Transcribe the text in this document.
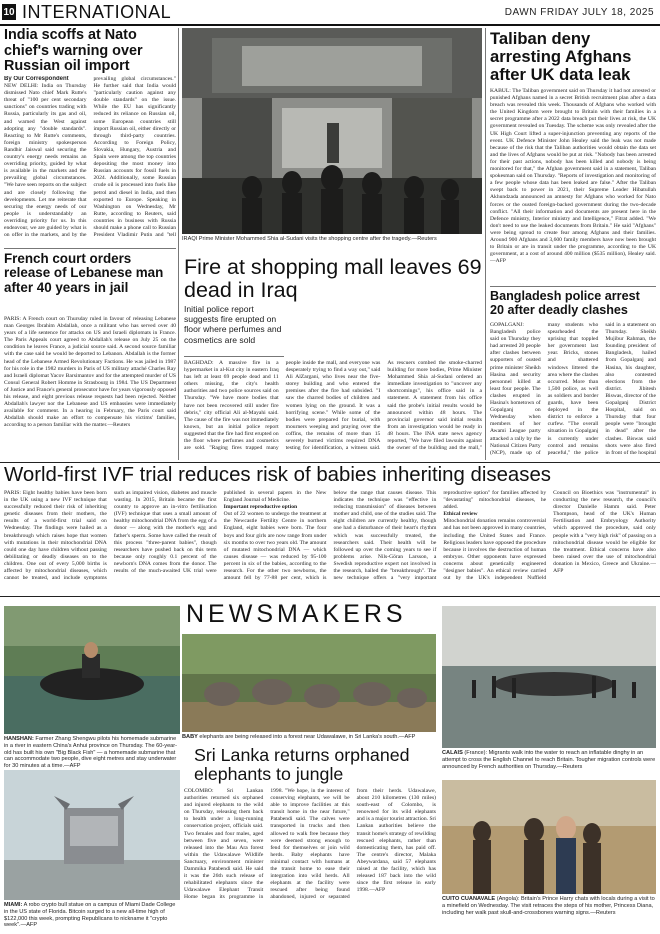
10 INTERNATIONAL	DAWN FRIDAY JULY 18, 2025
India scoffs at Nato chief's warning over Russian oil import
By Our Correspondent
NEW DELHI: India on Thursday dismissed Nato chief Mark Rutte's threat of "100 per cent secondary sanctions" on countries trading with Russia, particularly its gas and oil, and warned the West against adopting any "double standards". Reacting to Mr Rutte's comments, foreign ministry spokesperson Randhir Jaiswal said securing the country's energy needs remains an overriding priority, guided by what is available in the markets and the prevailing global circumstances. "We have seen reports on the subject and are closely following the developments. Let me reiterate that securing the energy needs of our people is understandably an overriding priority for us. In this endeavour, we are guided by what is on offer in the markets, and by the prevailing global circumstances." He further said that India would "particularly caution against any double standards" on the issue. While the EU has significantly reduced its reliance on Russian oil, some European countries still import Russian oil, either directly or through third-party countries. According to Foreign Policy, Slovakia, Hungary, Austria and Spain were among the top countries depositing the most money into Russian accounts for fossil fuels in 2024. Additionally, some Russian crude oil is processed into fuels like petrol and diesel in India, and then exported to Europe. Speaking in Washington on Wednesday, Mr Rutte, according to Reuters, said countries in business with Russia should make a phone call to Russian President Vladimir Putin and "tell
IRAQI Prime Minister Mohammed Shia al-Sudani visits the shopping centre after the tragedy.—Reuters
Taliban deny arresting Afghans after UK data leak
KABUL: The Taliban government said on Thursday it had not arrested or punished Afghans named in a secret British recruitment plan after a data breach was revealed this week. Thousands of Afghans who worked with the United Kingdom were brought to Britain with their families in a secret programme after a 2022 data breach put their lives at risk, the UK government revealed on Tuesday. The scheme was only revealed after the UK High Court lifted a super-injunction preventing any reports of the event. UK Defence Minister John Healey said the leak was not made because of the risk that the Taliban authorities would obtain the data set and the lives of Afghans would be put at risk. "Nobody has been arrested for their past actions, nobody has been killed and nobody is being monitored for that," the Afghan government said in a statement, Taliban spokesman said on Thursday. "Reports of investigation and monitoring of a few people whose data has been leaked are false." After the Taliban swept back to power in 2021, their Supreme Leader Hibatullah Akhundzada announced an amnesty for Afghans who worked for Nato forces or the ousted foreign-backed government during the two-decade conflict. "All their information and documents are present here in the Defence ministry, Interior ministry and Intelligence," Fitrat added. "We don't need to use the leaked documents from Britain." He said "Afghans" were being spread to create fear among Afghans and their families. Around 900 Afghans and 3,600 family members have now been brought to Britain or are in transit under the programme, according to the UK government, at a cost of around 400 million ($535 million), Healey said.—AFP
Fire at shopping mall leaves 69 dead in Iraq
Initial police report suggests fire erupted on floor where perfumes and cosmetics are sold
BAGHDAD: A massive fire in a hypermarket in al-Kut city in eastern Iraq has left at least 69 people dead and 11 others missing, the city's health authorities and two police sources said on Thursday. "We have more bodies that have not been recovered still under fire debris," city official Ali al-Mayahi said. The cause of the fire was not immediately known, but an initial police report suggested that the fire had first erupted on the floor where perfumes and cosmetics are sold. "Raging fires trapped many people inside the mall, and everyone was desperately trying to find a way out," said Ali AlZargani, who lives near the five-storey building and who entered the premises after the fire had subsided. "I saw the charred bodies of children and women lying on the ground. It was a horrifying scene." While some of the bodies were prepared for burial, with mourners weeping and praying over the coffins, the remains of more than 15 severely burned victims required DNA testing for identification, a witness said. As rescuers combed the smoke-charred building for more bodies, Prime Minister Mohammed Shia al-Sudani ordered an immediate investigation to "uncover any shortcomings", his office said in a statement. A statement from his office said the probe's initial results would be announced within 48 hours. The provincial governor said initial results from an investigation would be ready in 48 hours. The INA state news agency reported, "We have filed lawsuits against the owner of the building and the mall,"
French court orders release of Lebanese man after 40 years in jail
PARIS: A French court on Thursday ruled in favour of releasing Lebanese man Georges Ibrahim Abdallah, once a militant who has served over 40 years of a life sentence for attacks on US and Israeli diplomats in France. The Paris Appeals court agreed to Abdallah's release on July 25 on the condition he leaves France, a judicial source said. A second source familiar with the case said he would be deported to Lebanon. Abdallah is the former head of the Lebanese Armed Revolutionary Factions. He was jailed in 1987 for his role in the 1982 murders in Paris of US military attaché Charles Ray and Israeli diplomat Yacov Barsimantov and for the attempted murder of US Consul General Robert Homme in Strasbourg in 1984. The US Department of Justice and France's general prosecutor have for years vigorously opposed his release, and eight previous release requests had been rejected. Neither Abdallah's lawyer nor the Lebanese and US embassies were immediately available for comment. In a hearing in February, the Paris court said Abdallah should make an effort to compensate his victims' families, according to a person familiar with the matter.—Reuters
Bangladesh police arrest 20 after deadly clashes
GOPALGANJ: Bangladesh police said on Thursday they had arrested 20 people after clashes between supporters of ousted prime minister Sheikh Hasina and security personnel killed at least four people. The clashes erupted in Hasina's hometown of Gopalganj on Wednesday when members of her Awami League party attacked a rally by the National Citizen Party (NCP), made up of many students who spearheaded the uprising that toppled her government last year. Bricks, stones and shattered windows littered the area where the clashes occurred. More than 1,500 police, as well as soldiers and border guards, have been deployed in the district to enforce a curfew. "The overall situation in Gopalganj is currently under control and remains peaceful," the police said in a statement on Thursday. Sheikh Mujibur Rahman, the founding president of Bangladesh, hailed from Gopalganj and Hasina, his daughter, also contested elections from the district. Jibitesh Biswas, director of the Gopalganj District Hospital, said on Thursday that four people were "brought in dead" after the clashes. Biswas said shots were also fired in front of the hospital
World-first IVF trial reduces risk of babies inheriting diseases
PARIS: Eight healthy babies have been born in the UK using a new IVF technique that successfully reduced their risk of inheriting genetic diseases from their mothers, the results of a world-first trial said on Wednesday. The findings were hailed as a breakthrough which raises hope that women with mutations in their mitochondrial DNA could one day have children without passing debilitating or deadly diseases on to the children. One out of every 5,000 births is affected by mitochondrial diseases, which cannot be treated, and include symptoms such as impaired vision, diabetes and muscle wasting. In 2015, Britain became the first country to approve an in-vitro fertilisation (IVF) technique that uses a small amount of healthy mitochondrial DNA from the egg of a donor — along with the mother's egg and father's sperm. Some have called the result of this process "three-parent babies", though researchers have pushed back on this term because only roughly 0.1 percent of the newborn's DNA comes from the donor. The results of the much-awaited UK trial were published in several papers in the New England Journal of Medicine.
Important reproductive option
Out of 22 women to undergo the treatment at the Newcastle Fertility Centre in northern England, eight babies were born. The four boys and four girls are now range from under six months to over two years old. The amount of mutated mitochondrial DNA — which causes disease — was reduced by 95-100 percent in six of the babies, according to the research. For the other two newborns, the amount fell by 77-88 per cent, which is below the range that causes disease. This indicates the technique was "effective in reducing transmission" of diseases between mother and child, one of the studies said. The eight children are currently healthy, though one had a disturbance of their heart's rhythm which was successfully treated, the researchers said. Their health will be followed up over the coming years to see if problems arise. Nils-Göran Larsson, a Swedish reproductive expert not involved in the research, hailed the "breakthrough". The new technique offers a "very important reproductive option" for families affected by "devastating" mitochondrial diseases, he added.
Ethical review
Mitochondrial donation remains controversial and has not been approved in many countries, including the United States and France. Religious leaders have opposed the procedure because it involves the destruction of human embryos. Other opponents have expressed concerns about genetically engineered "designer babies". An ethical review carried out by the UK's independent Nuffield Council on Bioethics was "instrumental" in conducting the new research, the council's director Danielle Hamm said. Peter Thompson, head of the UK's Human Fertilisation and Embryology Authority which approved the procedure, said only people with a "very high risk" of passing on a mitochondrial disease would be eligible for the treatment. Ethical concerns have also been raised over the use of mitochondrial donation in Mexico, Greece and Ukraine.—AFP
NEWSMAKERS
HANSHAN: Farmer Zhang Shengwu pilots his homemade submarine in a river in eastern China's Anhui province on Thursday. The 60-year-old has built his own "Big Black Fish" — a homemade submarine that can accommodate two people, dive eight metres and stay underwater for 30 minutes at a time.—AFP
BABY elephants are being released into a forest near Udawalawe, in Sri Lanka's south.—AFP
CALAIS (France): Migrants walk into the water to reach an inflatable dinghy in an attempt to cross the English Channel to reach Britain. Tougher migration controls were announced by French authorities on Thursday.—Reuters
Sri Lanka returns orphaned elephants to jungle
COLOMBO: Sri Lankan authorities returned six orphaned and injured elephants to the wild on Thursday, releasing them back to health under a long-running conservation project, officials said. Two females and four males, aged between five and seven, were released into the Mau Ara forest within the Udawalawe Wildlife Sanctuary, environment minister Dammika Patabendi said. He said it was the 26th such release of rehabilitated elephants since the Udawalawe Elephant Transit Home began its programme in 1998. "We hope, in the interest of conserving elephants, we will be able to improve facilities at this transit home in the near future," Patabendi said. The calves were transported in trucks and then allowed to walk free because they were deemed strong enough to fend for themselves or join wild herds. Baby elephants have minimal contact with humans at the transit home to ease their integration into wild herds. All elephants at the facility were rescued after being found abandoned, injured or separated from their herds. Udawalawe, about 210 kilometres (130 miles) south-east of Colombo, is renowned for its wild elephants and is a major tourist attraction. Sri Lankan authorities believe the transit home's strategy of rewilding rescued elephants, rather than domesticating them, has paid off. The centre's director, Malaka Abeywardana, said 57 elephants raised at the facility, which has released 187 back into the wild since the first release in early 1998.—AFP
MIAMI: A robo crypto bull statue on a campus of Miami Dade College in the US state of Florida. Bitcoin surged to a new all-time high of $122,000 this week, prompting Republicans to nickname it "crypto week".—AFP
CUITO CUANAVALE (Angola): Britain's Prince Harry chats with locals during a visit to a minefield on Wednesday. The visit retraces the steps of his mother, Princess Diana, including her walk past skull-and-crossbones warning signs.—Reuters
